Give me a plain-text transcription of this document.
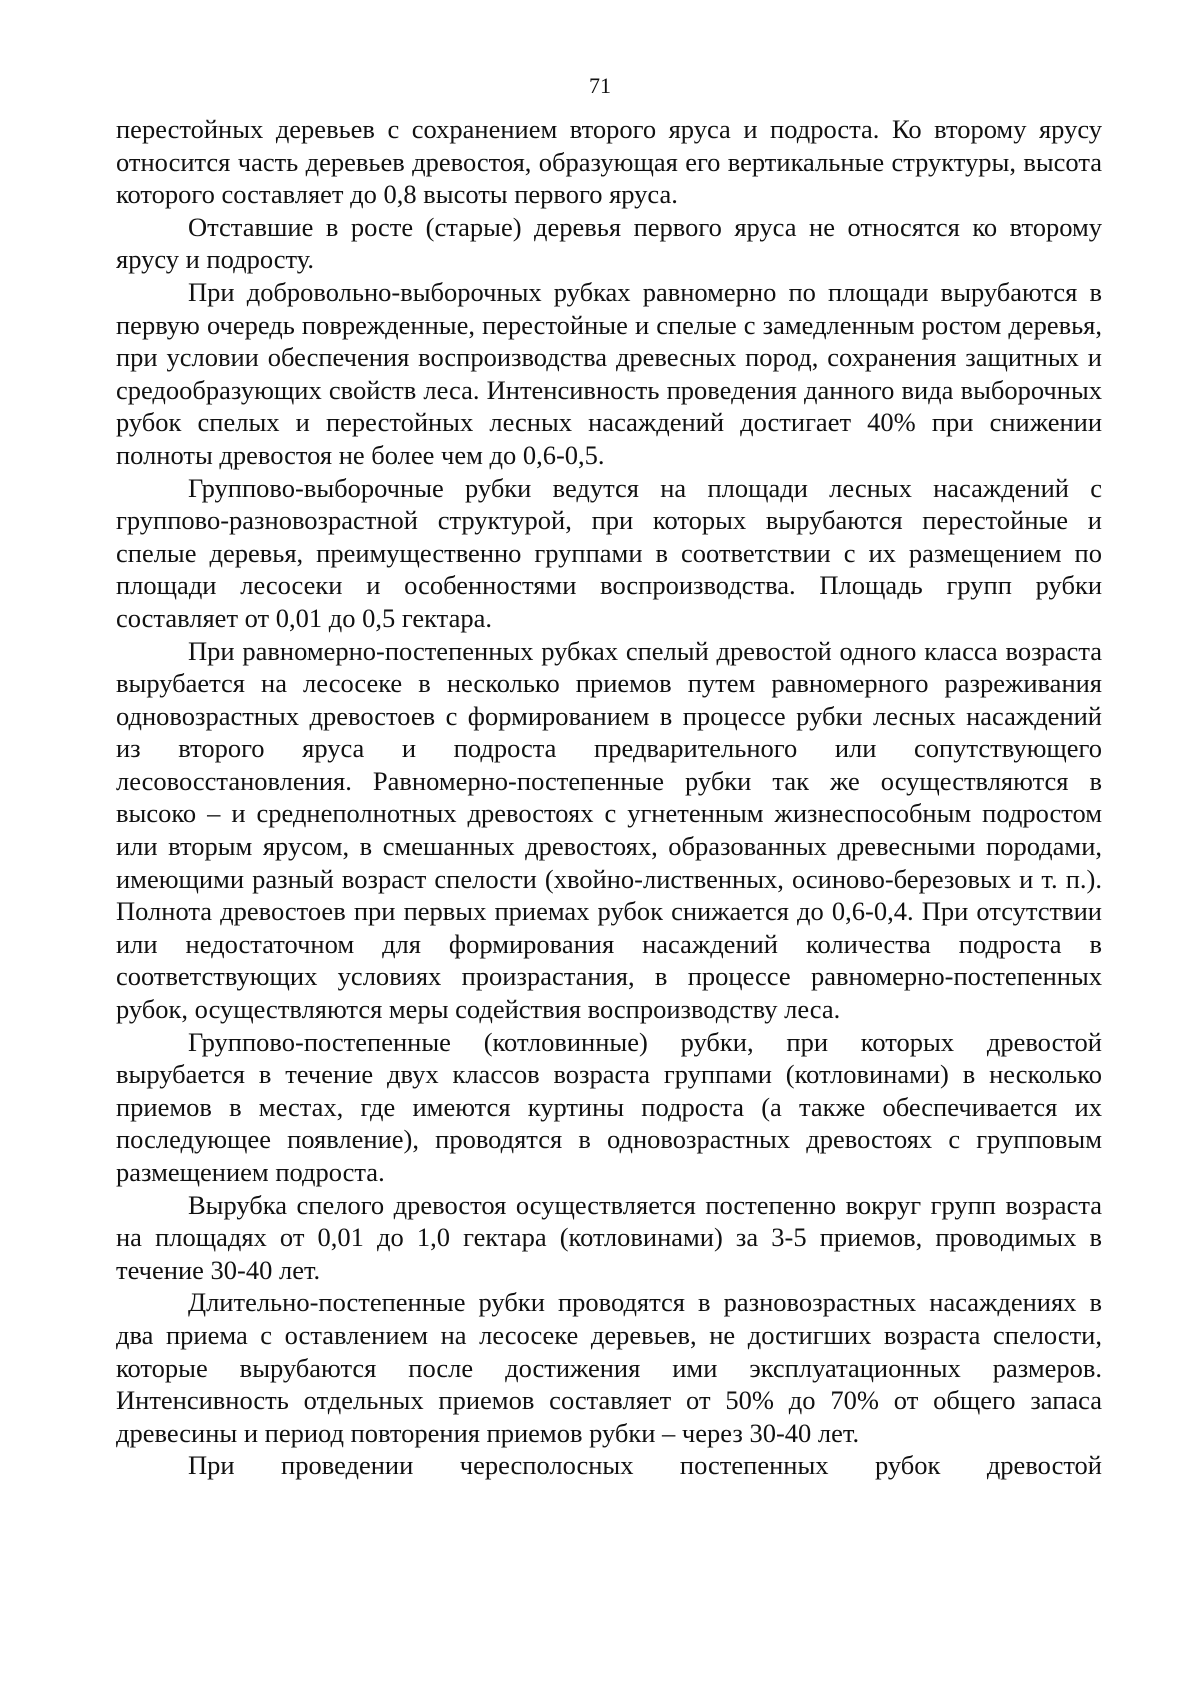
71

перестойных деревьев с сохранением второго яруса и подроста. Ко второму ярусу относится часть деревьев древостоя, образующая его вертикальные структуры, высота которого составляет до 0,8 высоты первого яруса.

Отставшие в росте (старые) деревья первого яруса не относятся ко второму ярусу и подросту.

При добровольно-выборочных рубках равномерно по площади вырубаются в первую очередь поврежденные, перестойные и спелые с замедленным ростом деревья, при условии обеспечения воспроизводства древесных пород, сохранения защитных и средообразующих свойств леса. Интенсивность проведения данного вида выборочных рубок спелых и перестойных лесных насаждений достигает 40% при снижении полноты древостоя не более чем до 0,6-0,5.

Группово-выборочные рубки ведутся на площади лесных насаждений с группово-разновозрастной структурой, при которых вырубаются перестойные и спелые деревья, преимущественно группами в соответствии с их размещением по площади лесосеки и особенностями воспроизводства. Площадь групп рубки составляет от 0,01 до 0,5 гектара.

При равномерно-постепенных рубках спелый древостой одного класса возраста вырубается на лесосеке в несколько приемов путем равномерного разреживания одновозрастных древостоев с формированием в процессе рубки лесных насаждений из второго яруса и подроста предварительного или сопутствующего лесовосстановления. Равномерно-постепенные рубки так же осуществляются в высоко – и среднеполнотных древостоях с угнетенным жизнеспособным подростом или вторым ярусом, в смешанных древостоях, образованных древесными породами, имеющими разный возраст спелости (хвойно-лиственных, осиново-березовых и т. п.). Полнота древостоев при первых приемах рубок снижается до 0,6-0,4. При отсутствии или недостаточном для формирования насаждений количества подроста в соответствующих условиях произрастания, в процессе равномерно-постепенных рубок, осуществляются меры содействия воспроизводству леса.

Группово-постепенные (котловинные) рубки, при которых древостой вырубается в течение двух классов возраста группами (котловинами) в несколько приемов в местах, где имеются куртины подроста (а также обеспечивается их последующее появление), проводятся в одновозрастных древостоях с групповым размещением подроста.

Вырубка спелого древостоя осуществляется постепенно вокруг групп возраста на площадях от 0,01 до 1,0 гектара (котловинами) за 3-5 приемов, проводимых в течение 30-40 лет.

Длительно-постепенные рубки проводятся в разновозрастных насаждениях в два приема с оставлением на лесосеке деревьев, не достигших возраста спелости, которые вырубаются после достижения ими эксплуатационных размеров. Интенсивность отдельных приемов составляет от 50% до 70% от общего запаса древесины и период повторения приемов рубки – через 30-40 лет.

При проведении чересполосных постепенных рубок древостой
